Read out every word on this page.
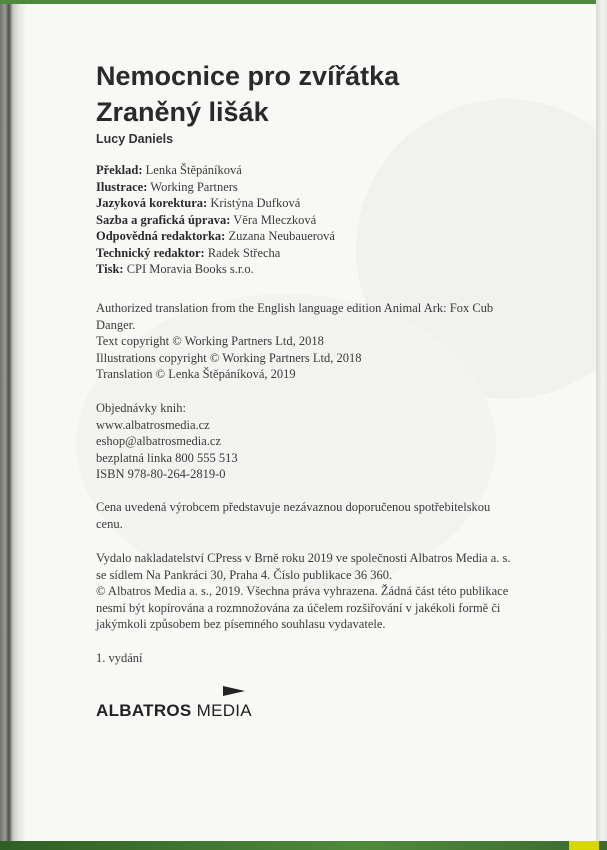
Nemocnice pro zvířátka
Zraněný lišák
Lucy Daniels
Překlad: Lenka Štěpáníková
Ilustrace: Working Partners
Jazyková korektura: Kristýna Dufková
Sazba a grafická úprava: Věra Mleczková
Odpovědná redaktorka: Zuzana Neubauerová
Technický redaktor: Radek Střecha
Tisk: CPI Moravia Books s.r.o.
Authorized translation from the English language edition Animal Ark: Fox Cub
Danger.
Text copyright © Working Partners Ltd, 2018
Illustrations copyright © Working Partners Ltd, 2018
Translation © Lenka Štěpáníková, 2019
Objednávky knih:
www.albatrosmedia.cz
eshop@albatrosmedia.cz
bezplatná linka 800 555 513
ISBN 978-80-264-2819-0
Cena uvedená výrobcem představuje nezávaznou doporučenou spotřebitelskou
cenu.
Vydalo nakladatelství CPress v Brně roku 2019 ve společnosti Albatros Media a. s.
se sídlem Na Pankráci 30, Praha 4. Číslo publikace 36 360.
© Albatros Media a. s., 2019. Všechna práva vyhrazena. Žádná část této publikace
nesmí být kopírována a rozmnožována za účelem rozšiřování v jakékoli formě či
jakýmkoli způsobem bez písemného souhlasu vydavatele.
1. vydání
ALBATROS MEDIA
